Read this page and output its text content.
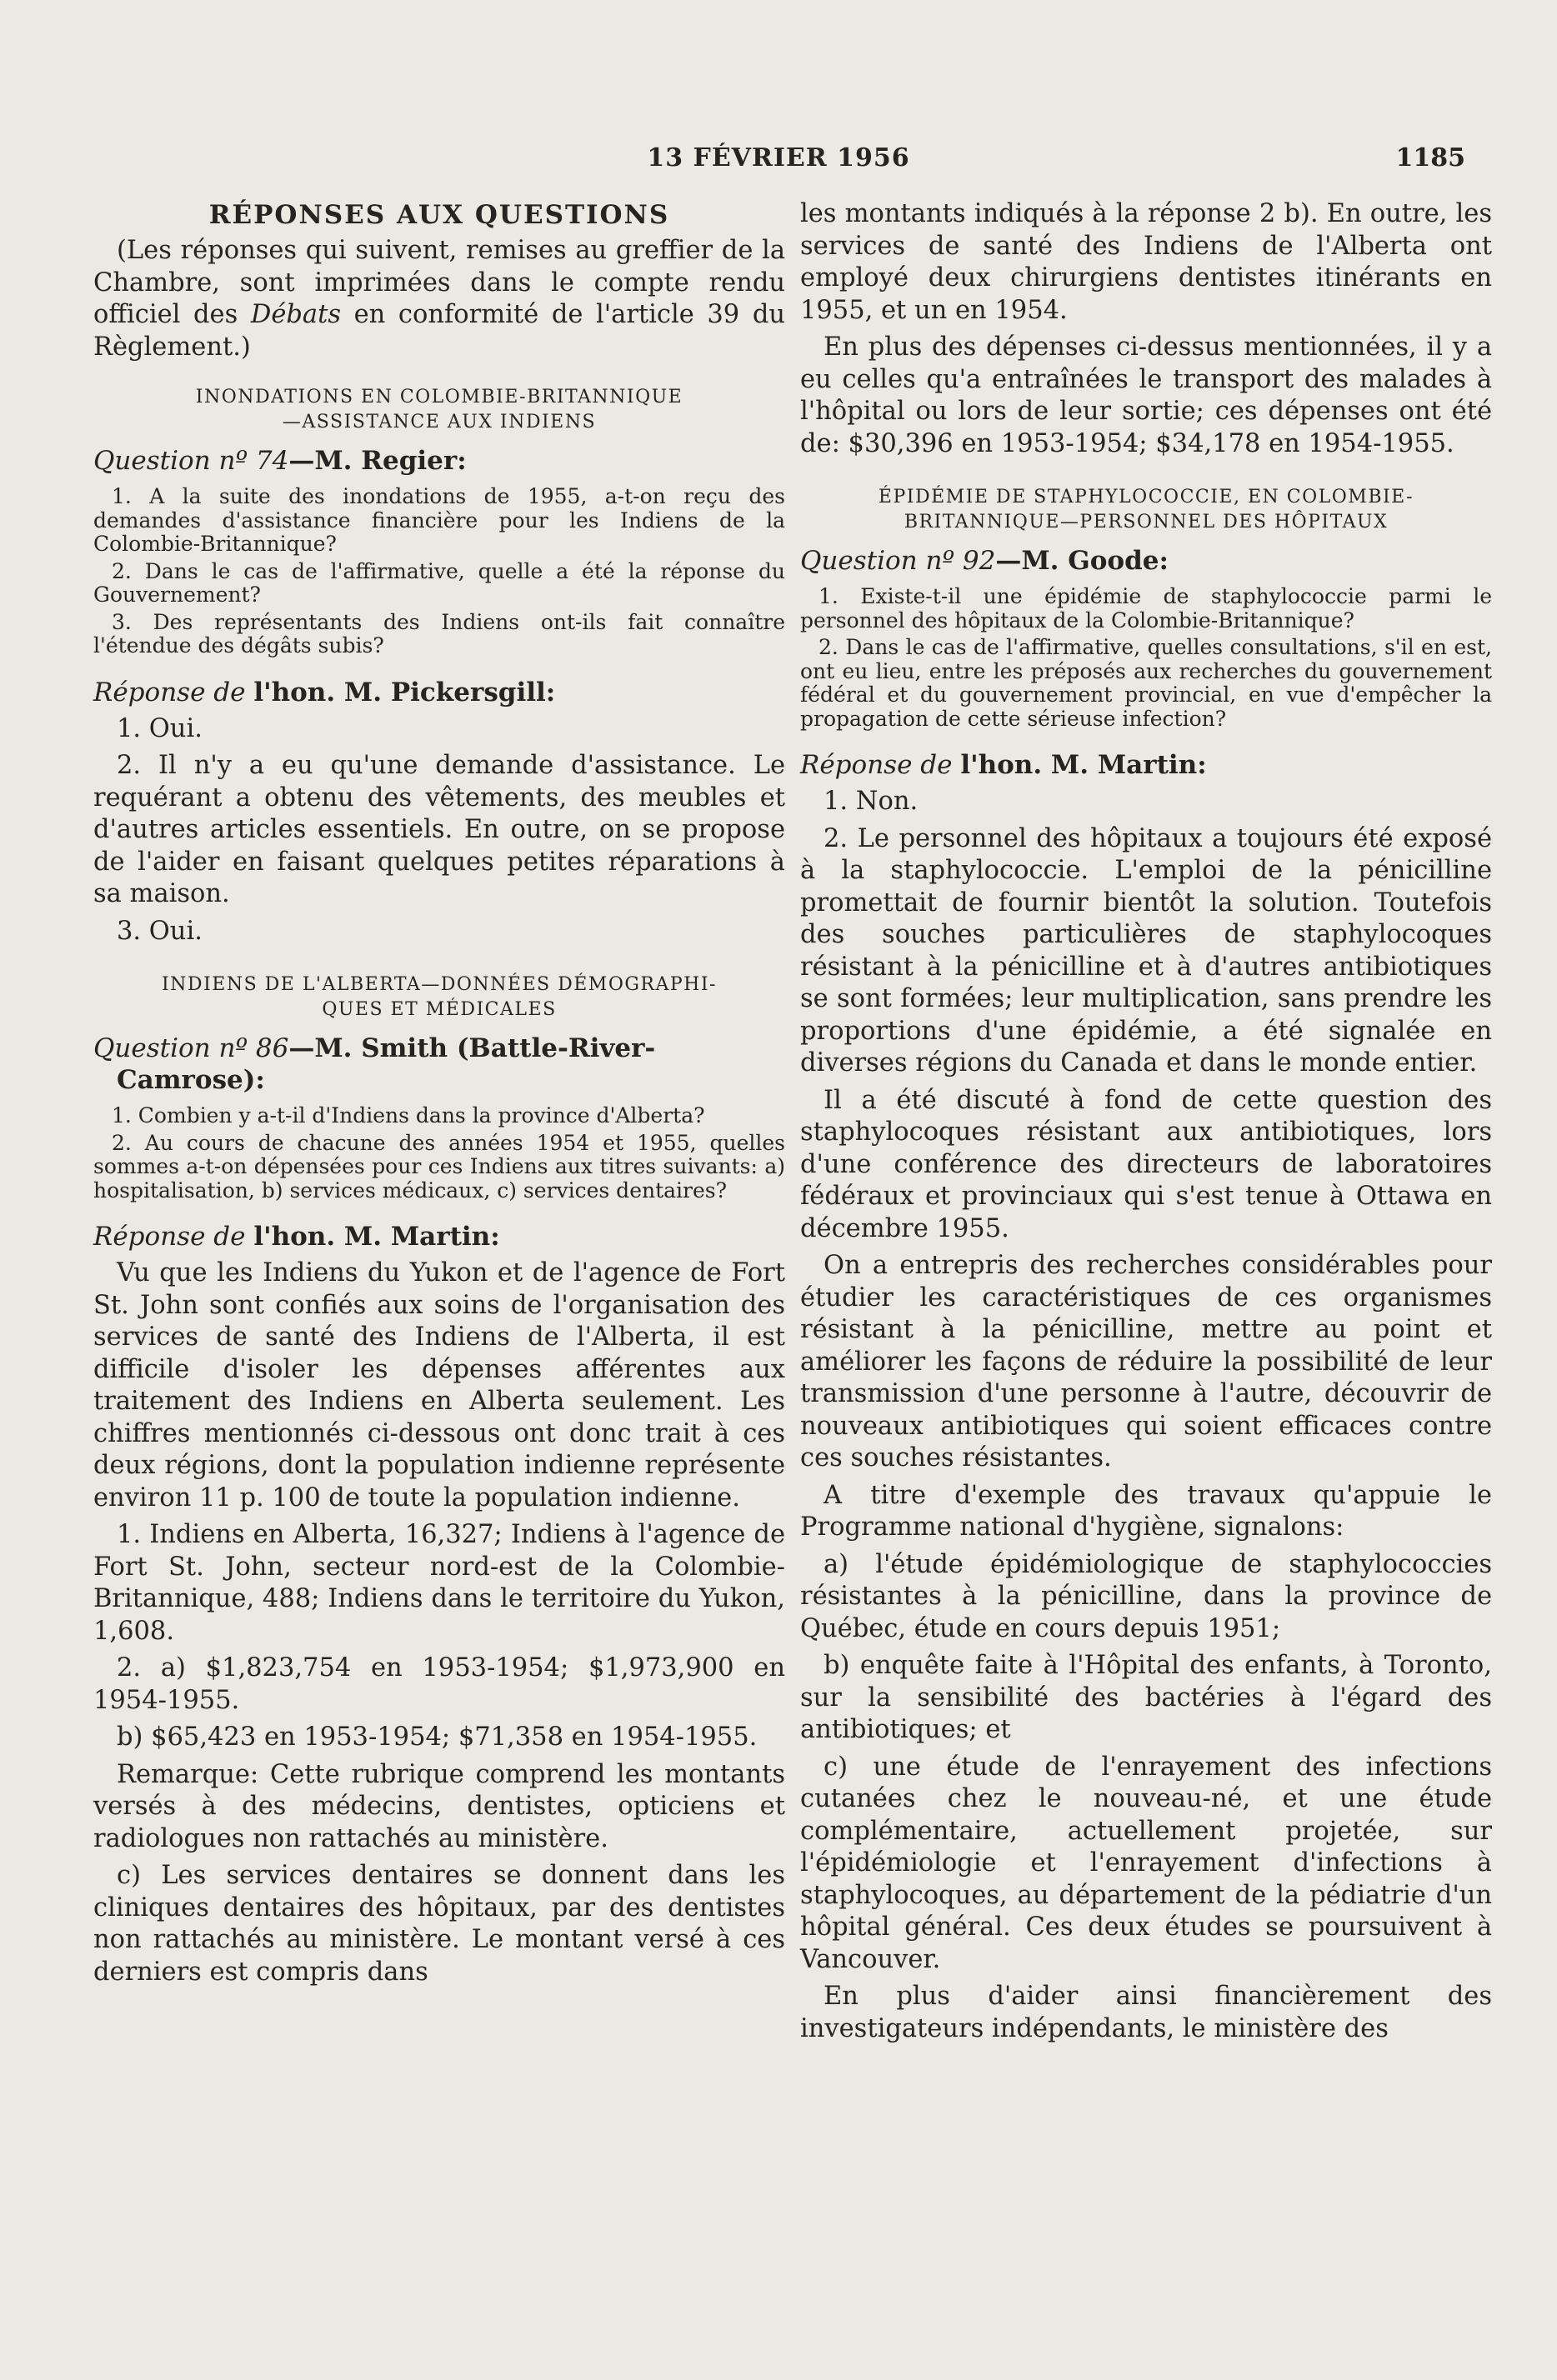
13 FÉVRIER 1956	1185
RÉPONSES AUX QUESTIONS

(Les réponses qui suivent, remises au greffier de la Chambre, sont imprimées dans le compte rendu officiel des Débats en conformité de l'article 39 du Règlement.)

INONDATIONS EN COLOMBIE-BRITANNIQUE
—ASSISTANCE AUX INDIENS
Question nº 74—M. Regier:

1. A la suite des inondations de 1955, a-t-on reçu des demandes d'assistance financière pour les Indiens de la Colombie-Britannique?

2. Dans le cas de l'affirmative, quelle a été la réponse du Gouvernement?

3. Des représentants des Indiens ont-ils fait connaître l'étendue des dégâts subis?

Réponse de l'hon. M. Pickersgill:

1. Oui.

2. Il n'y a eu qu'une demande d'assistance. Le requérant a obtenu des vêtements, des meubles et d'autres articles essentiels. En outre, on se propose de l'aider en faisant quelques petites réparations à sa maison.

3. Oui.

INDIENS DE L'ALBERTA—DONNÉES DÉMOGRAPHI-
QUES ET MÉDICALES
Question nº 86—M. Smith (Battle-River-
Camrose):

1. Combien y a-t-il d'Indiens dans la province d'Alberta?

2. Au cours de chacune des années 1954 et 1955, quelles sommes a-t-on dépensées pour ces Indiens aux titres suivants: a) hospitalisation, b) services médicaux, c) services dentaires?

Réponse de l'hon. M. Martin:

Vu que les Indiens du Yukon et de l'agence de Fort St. John sont confiés aux soins de l'organisation des services de santé des Indiens de l'Alberta, il est difficile d'isoler les dépenses afférentes aux traitement des Indiens en Alberta seulement. Les chiffres mentionnés ci-dessous ont donc trait à ces deux régions, dont la population indienne représente environ 11 p. 100 de toute la population indienne.

1. Indiens en Alberta, 16,327; Indiens à l'agence de Fort St. John, secteur nord-est de la Colombie-Britannique, 488; Indiens dans le territoire du Yukon, 1,608.

2. a) $1,823,754 en 1953-1954; $1,973,900 en 1954-1955.

b) $65,423 en 1953-1954; $71,358 en 1954-1955.

Remarque: Cette rubrique comprend les montants versés à des médecins, dentistes, opticiens et radiologues non rattachés au ministère.

c) Les services dentaires se donnent dans les cliniques dentaires des hôpitaux, par des dentistes non rattachés au ministère. Le montant versé à ces derniers est compris dans

les montants indiqués à la réponse 2 b). En outre, les services de santé des Indiens de l'Alberta ont employé deux chirurgiens dentistes itinérants en 1955, et un en 1954.

En plus des dépenses ci-dessus mentionnées, il y a eu celles qu'a entraînées le transport des malades à l'hôpital ou lors de leur sortie; ces dépenses ont été de: $30,396 en 1953-1954; $34,178 en 1954-1955.

ÉPIDÉMIE DE STAPHYLOCOCCIE, EN COLOMBIE-
BRITANNIQUE—PERSONNEL DES HÔPITAUX
Question nº 92—M. Goode:

1. Existe-t-il une épidémie de staphylococcie parmi le personnel des hôpitaux de la Colombie-Britannique?

2. Dans le cas de l'affirmative, quelles consultations, s'il en est, ont eu lieu, entre les préposés aux recherches du gouvernement fédéral et du gouvernement provincial, en vue d'empêcher la propagation de cette sérieuse infection?

Réponse de l'hon. M. Martin:

1. Non.

2. Le personnel des hôpitaux a toujours été exposé à la staphylococcie. L'emploi de la pénicilline promettait de fournir bientôt la solution. Toutefois des souches particulières de staphylocoques résistant à la pénicilline et à d'autres antibiotiques se sont formées; leur multiplication, sans prendre les proportions d'une épidémie, a été signalée en diverses régions du Canada et dans le monde entier.

Il a été discuté à fond de cette question des staphylocoques résistant aux antibiotiques, lors d'une conférence des directeurs de laboratoires fédéraux et provinciaux qui s'est tenue à Ottawa en décembre 1955.

On a entrepris des recherches considérables pour étudier les caractéristiques de ces organismes résistant à la pénicilline, mettre au point et améliorer les façons de réduire la possibilité de leur transmission d'une personne à l'autre, découvrir de nouveaux antibiotiques qui soient efficaces contre ces souches résistantes.

A titre d'exemple des travaux qu'appuie le Programme national d'hygiène, signalons:

a) l'étude épidémiologique de staphylococcies résistantes à la pénicilline, dans la province de Québec, étude en cours depuis 1951;

b) enquête faite à l'Hôpital des enfants, à Toronto, sur la sensibilité des bactéries à l'égard des antibiotiques; et

c) une étude de l'enrayement des infections cutanées chez le nouveau-né, et une étude complémentaire, actuellement projetée, sur l'épidémiologie et l'enrayement d'infections à staphylocoques, au département de la pédiatrie d'un hôpital général. Ces deux études se poursuivent à Vancouver.

En plus d'aider ainsi financièrement des investigateurs indépendants, le ministère des
